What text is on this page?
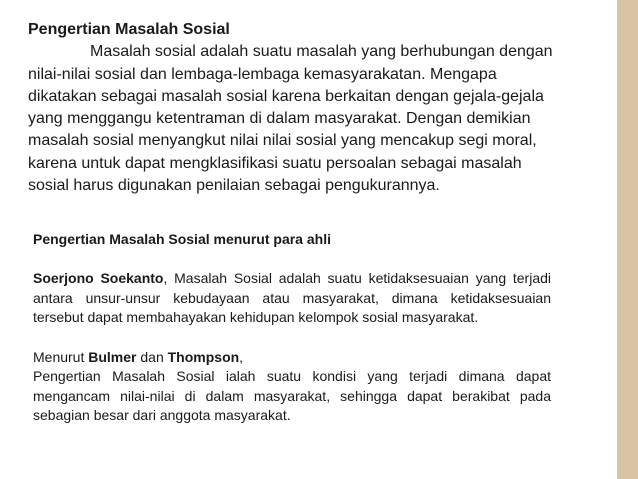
Pengertian Masalah Sosial
Masalah sosial adalah suatu masalah yang berhubungan dengan
nilai-nilai sosial dan lembaga-lembaga kemasyarakatan. Mengapa
dikatakan sebagai masalah sosial karena berkaitan dengan gejala-gejala
yang menggangu ketentraman di dalam masyarakat. Dengan demikian
masalah sosial menyangkut nilai nilai sosial yang mencakup segi moral,
karena untuk dapat mengklasifikasi suatu persoalan sebagai masalah
sosial harus digunakan penilaian sebagai pengukurannya.
Pengertian Masalah Sosial menurut para ahli

Soerjono Soekanto, Masalah Sosial adalah suatu ketidaksesuaian yang terjadi antara unsur-unsur kebudayaan atau masyarakat, dimana ketidaksesuaian tersebut dapat membahayakan kehidupan kelompok sosial masyarakat.

Menurut Bulmer dan Thompson,

Pengertian Masalah Sosial ialah suatu kondisi yang terjadi dimana dapat mengancam nilai-nilai di dalam masyarakat, sehingga dapat berakibat pada sebagian besar dari anggota masyarakat.
